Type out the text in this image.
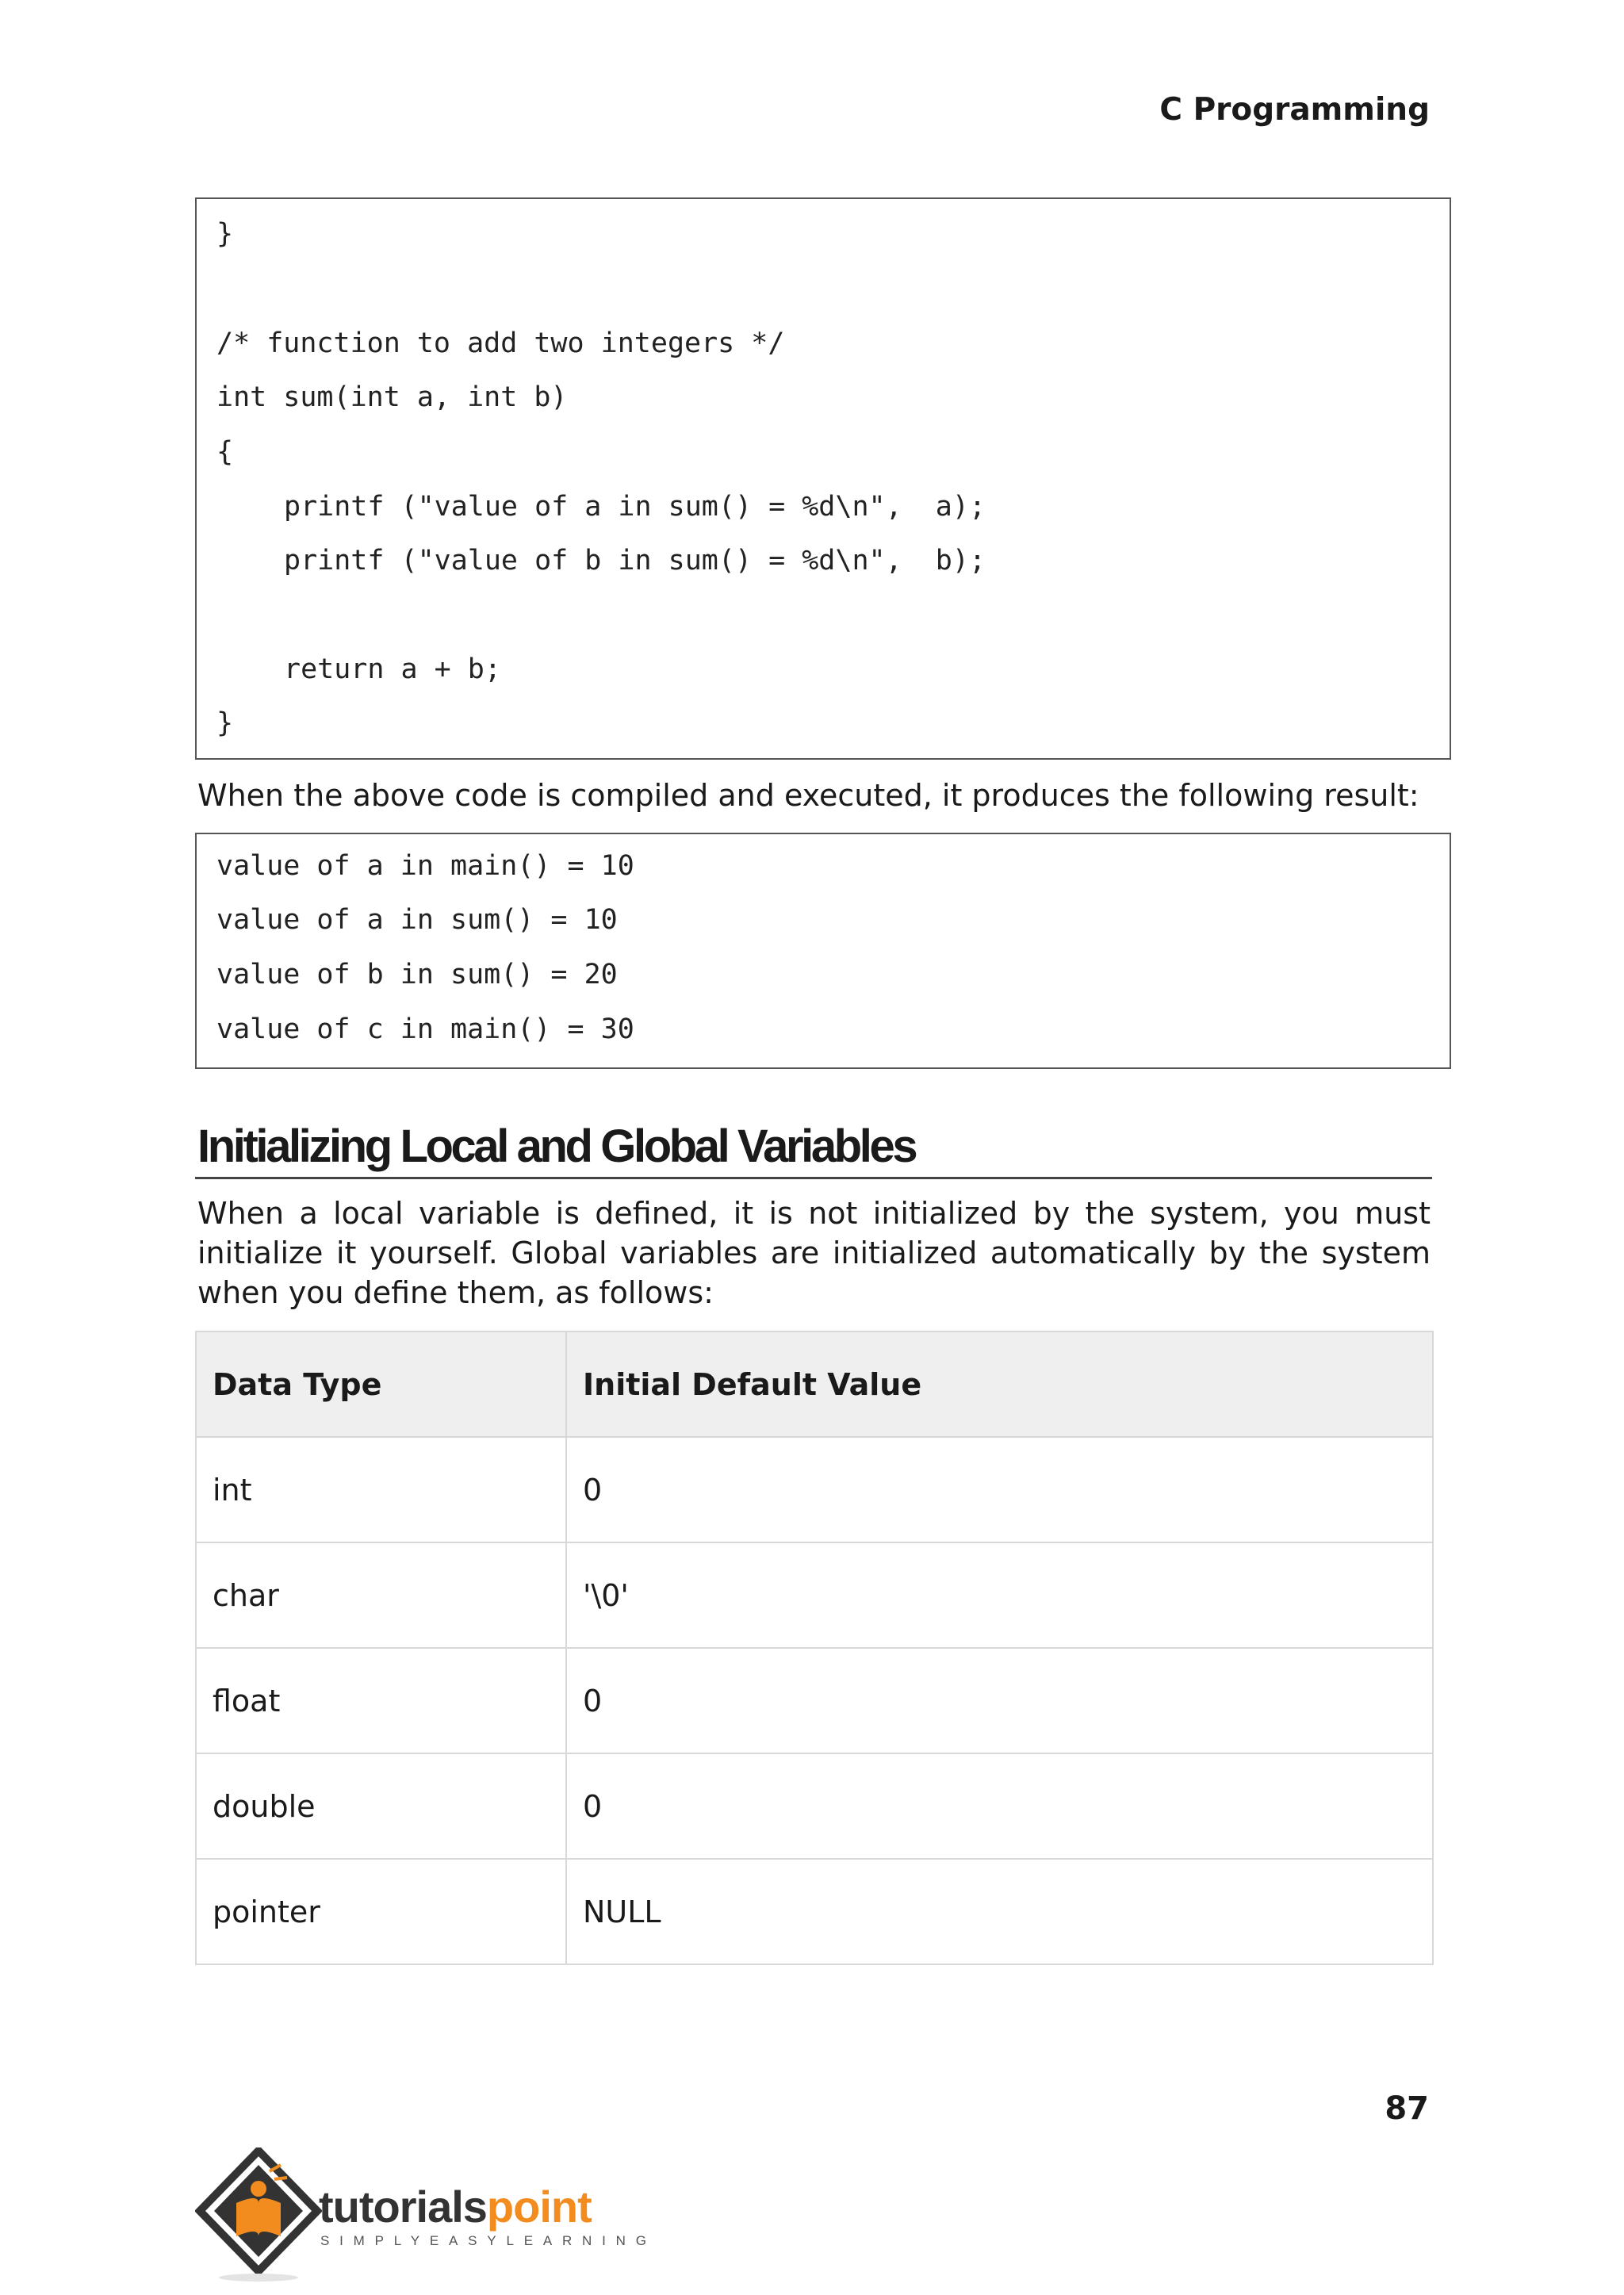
C Programming
}
/* function to add two integers */
int sum(int a, int b)
{
printf ("value of a in sum() = %d\n",  a);
printf ("value of b in sum() = %d\n",  b);
return a + b;
}
When the above code is compiled and executed, it produces the following result:
value of a in main() = 10
value of a in sum() = 10
value of b in sum() = 20
value of c in main() = 30
Initializing Local and Global Variables
When a local variable is defined, it is not initialized by the system, you must initialize it yourself. Global variables are initialized automatically by the system when you define them, as follows:
Data Type	Initial Default Value
int	0
char	'\0'
float	0
double	0
pointer	NULL
87
tutorialspoint
SIMPLYEASYLEARNING
